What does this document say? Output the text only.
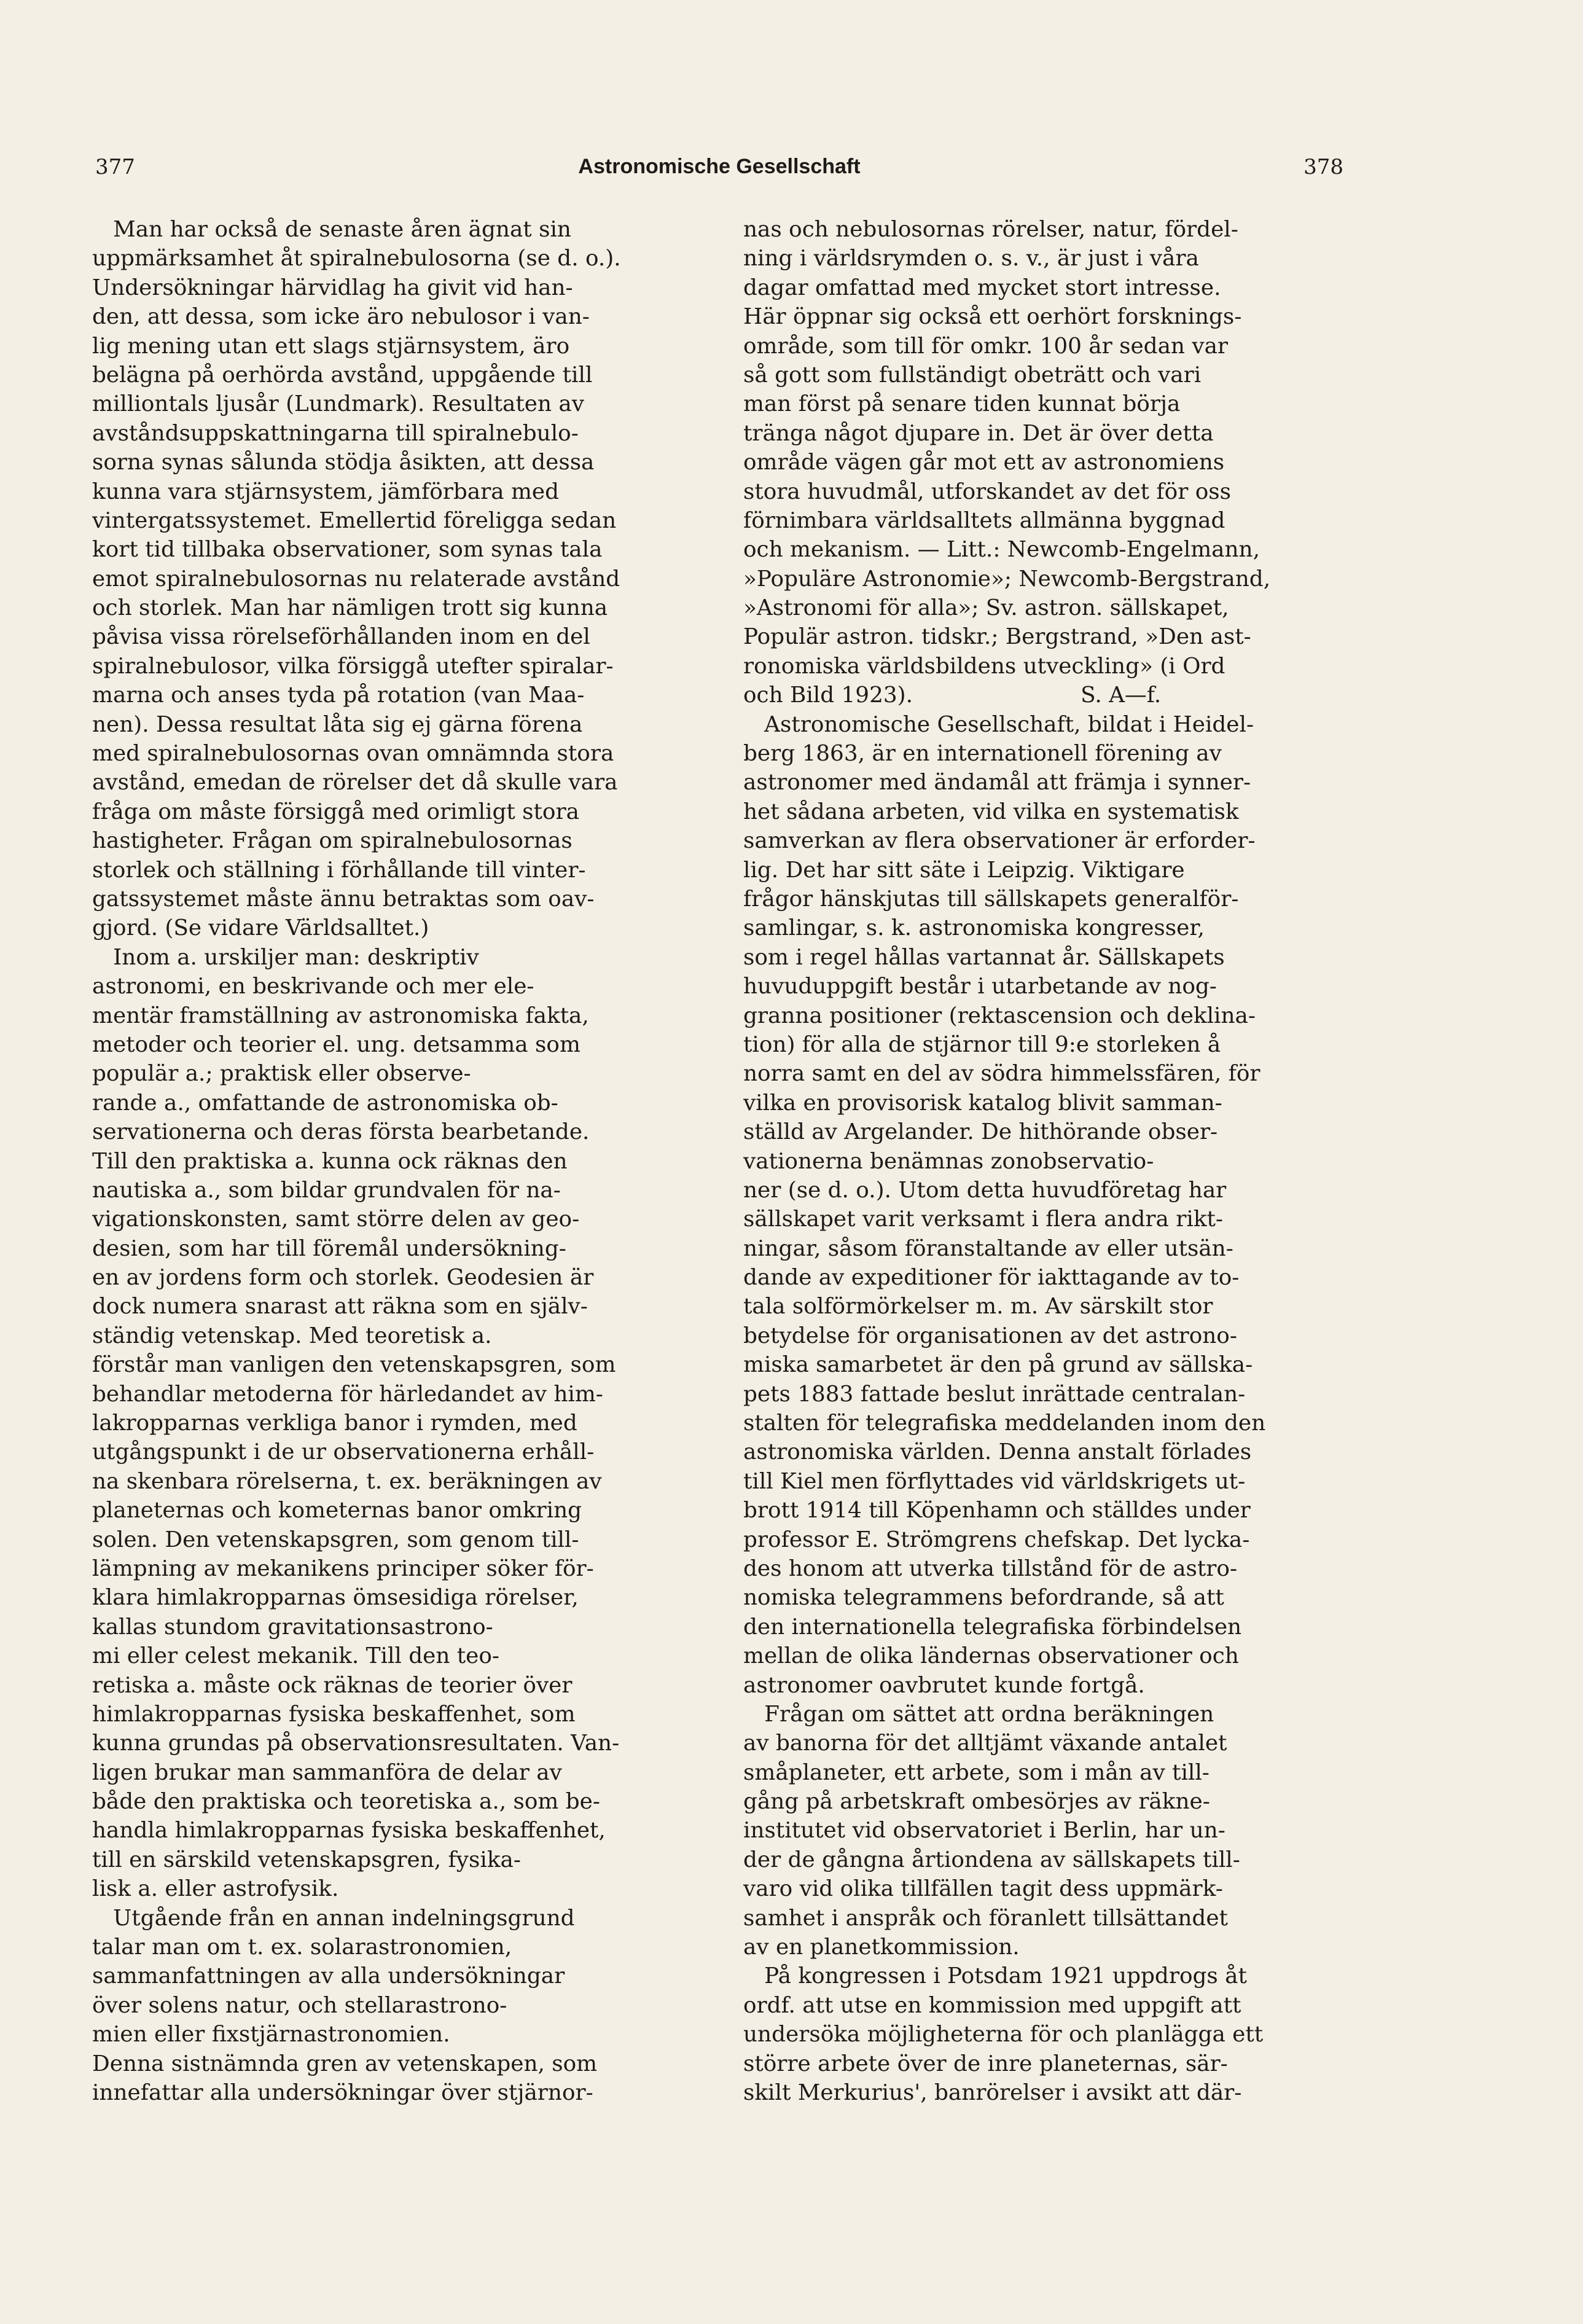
377	Astronomische Gesellschaft	378
Man har också de senaste åren ägnat sin
uppmärksamhet åt spiralnebulosorna (se d. o.).
Undersökningar härvidlag ha givit vid han-
den, att dessa, som icke äro nebulosor i van-
lig mening utan ett slags stjärnsystem, äro
belägna på oerhörda avstånd, uppgående till
milliontals ljusår (Lundmark). Resultaten av
avståndsuppskattningarna till spiralnebulo-
sorna synas sålunda stödja åsikten, att dessa
kunna vara stjärnsystem, jämförbara med
vintergatssystemet. Emellertid föreligga sedan
kort tid tillbaka observationer, som synas tala
emot spiralnebulosornas nu relaterade avstånd
och storlek. Man har nämligen trott sig kunna
påvisa vissa rörelseförhållanden inom en del
spiralnebulosor, vilka försiggå utefter spiralar-
marna och anses tyda på rotation (van Maa-
nen). Dessa resultat låta sig ej gärna förena
med spiralnebulosornas ovan omnämnda stora
avstånd, emedan de rörelser det då skulle vara
fråga om måste försiggå med orimligt stora
hastigheter. Frågan om spiralnebulosornas
storlek och ställning i förhållande till vinter-
gatssystemet måste ännu betraktas som oav-
gjord. (Se vidare Världsalltet.)
Inom a. urskiljer man: deskriptiv
astronomi, en beskrivande och mer ele-
mentär framställning av astronomiska fakta,
metoder och teorier el. ung. detsamma som
populär a.; praktisk eller observe-
rande a., omfattande de astronomiska ob-
servationerna och deras första bearbetande.
Till den praktiska a. kunna ock räknas den
nautiska a., som bildar grundvalen för na-
vigationskonsten, samt större delen av geo-
desien, som har till föremål undersökning-
en av jordens form och storlek. Geodesien är
dock numera snarast att räkna som en själv-
ständig vetenskap. Med teoretisk a.
förstår man vanligen den vetenskapsgren, som
behandlar metoderna för härledandet av him-
lakropparnas verkliga banor i rymden, med
utgångspunkt i de ur observationerna erhåll-
na skenbara rörelserna, t. ex. beräkningen av
planeternas och kometernas banor omkring
solen. Den vetenskapsgren, som genom till-
lämpning av mekanikens principer söker för-
klara himlakropparnas ömsesidiga rörelser,
kallas stundom gravitationsastrono-
mi eller celest mekanik. Till den teo-
retiska a. måste ock räknas de teorier över
himlakropparnas fysiska beskaffenhet, som
kunna grundas på observationsresultaten. Van-
ligen brukar man sammanföra de delar av
både den praktiska och teoretiska a., som be-
handla himlakropparnas fysiska beskaffenhet,
till en särskild vetenskapsgren, fysika-
lisk a. eller astrofysik.
Utgående från en annan indelningsgrund
talar man om t. ex. solarastronomien,
sammanfattningen av alla undersökningar
över solens natur, och stellarastrono-
mien eller fixstjärnastronomien.
Denna sistnämnda gren av vetenskapen, som
innefattar alla undersökningar över stjärnor-
nas och nebulosornas rörelser, natur, fördel-
ning i världsrymden o. s. v., är just i våra
dagar omfattad med mycket stort intresse.
Här öppnar sig också ett oerhört forsknings-
område, som till för omkr. 100 år sedan var
så gott som fullständigt obeträtt och vari
man först på senare tiden kunnat börja
tränga något djupare in. Det är över detta
område vägen går mot ett av astronomiens
stora huvudmål, utforskandet av det för oss
förnimbara världsalltets allmänna byggnad
och mekanism. — Litt.: Newcomb-Engelmann,
»Populäre Astronomie»; Newcomb-Bergstrand,
»Astronomi för alla»; Sv. astron. sällskapet,
Populär astron. tidskr.; Bergstrand, »Den ast-
ronomiska världsbildens utveckling» (i Ord
och Bild 1923).                        S. A—f.
Astronomische Gesellschaft, bildat i Heidel-
berg 1863, är en internationell förening av
astronomer med ändamål att främja i synner-
het sådana arbeten, vid vilka en systematisk
samverkan av flera observationer är erforder-
lig. Det har sitt säte i Leipzig. Viktigare
frågor hänskjutas till sällskapets generalför-
samlingar, s. k. astronomiska kongresser,
som i regel hållas vartannat år. Sällskapets
huvuduppgift består i utarbetande av nog-
granna positioner (rektascension och deklina-
tion) för alla de stjärnor till 9:e storleken å
norra samt en del av södra himmelssfären, för
vilka en provisorisk katalog blivit samman-
ställd av Argelander. De hithörande obser-
vationerna benämnas zonobservatio-
ner (se d. o.). Utom detta huvudföretag har
sällskapet varit verksamt i flera andra rikt-
ningar, såsom föranstaltande av eller utsän-
dande av expeditioner för iakttagande av to-
tala solförmörkelser m. m. Av särskilt stor
betydelse för organisationen av det astrono-
miska samarbetet är den på grund av sällska-
pets 1883 fattade beslut inrättade centralan-
stalten för telegrafiska meddelanden inom den
astronomiska världen. Denna anstalt förlades
till Kiel men förflyttades vid världskrigets ut-
brott 1914 till Köpenhamn och ställdes under
professor E. Strömgrens chefskap. Det lycka-
des honom att utverka tillstånd för de astro-
nomiska telegrammens befordrande, så att
den internationella telegrafiska förbindelsen
mellan de olika ländernas observationer och
astronomer oavbrutet kunde fortgå.
Frågan om sättet att ordna beräkningen
av banorna för det alltjämt växande antalet
småplaneter, ett arbete, som i mån av till-
gång på arbetskraft ombesörjes av räkne-
institutet vid observatoriet i Berlin, har un-
der de gångna årtiondena av sällskapets till-
varo vid olika tillfällen tagit dess uppmärk-
samhet i anspråk och föranlett tillsättandet
av en planetkommission.
På kongressen i Potsdam 1921 uppdrogs åt
ordf. att utse en kommission med uppgift att
undersöka möjligheterna för och planlägga ett
större arbete över de inre planeternas, sär-
skilt Merkurius', banrörelser i avsikt att där-
